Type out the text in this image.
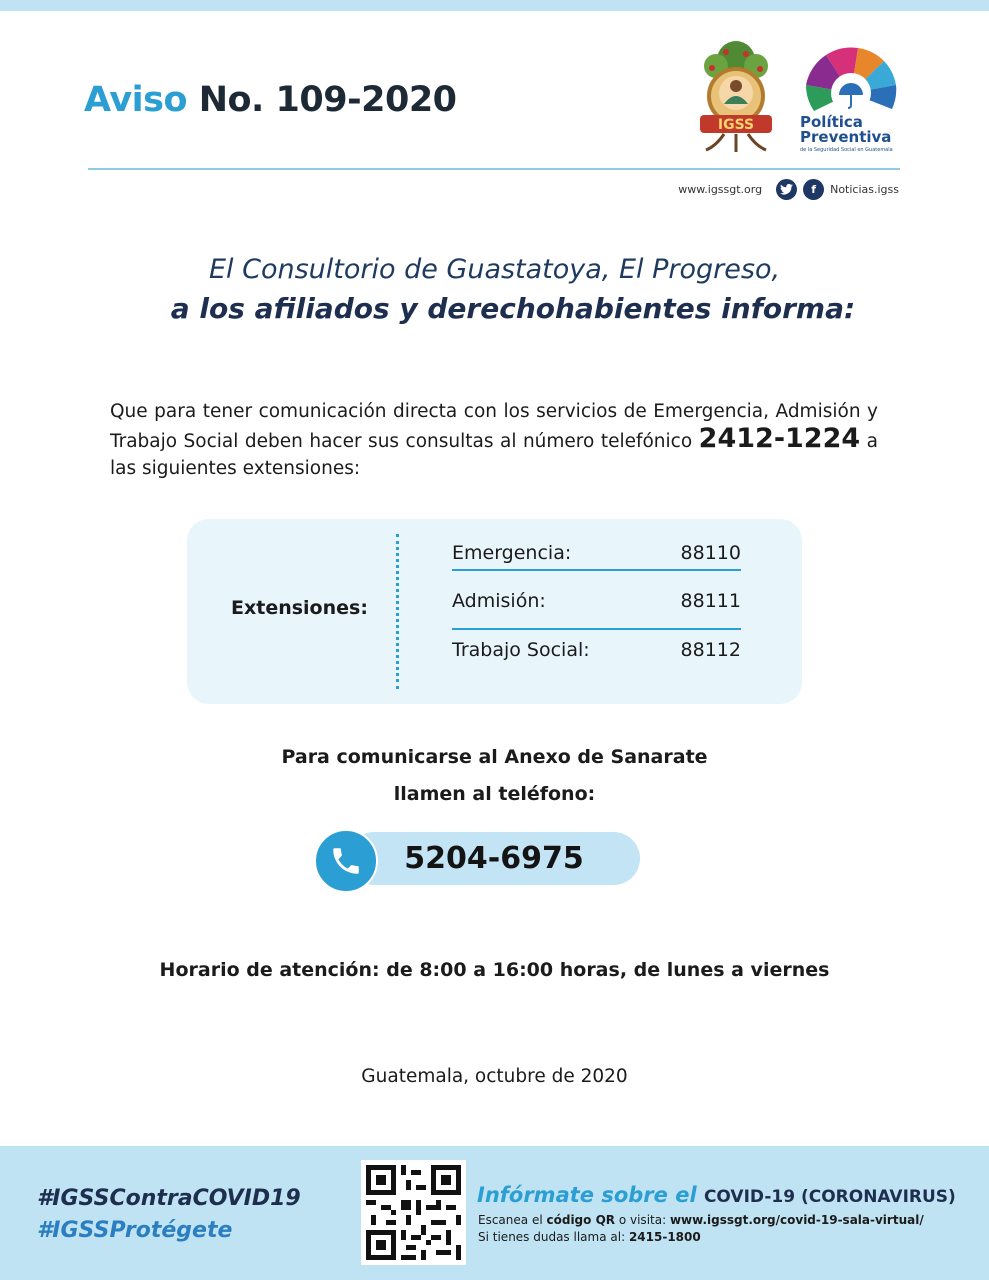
Aviso No. 109-2020
IGSS	Política
Preventiva
de la Seguridad Social en Guatemala
www.igssgt.org	f	Noticias.igss
El Consultorio de Guastatoya, El Progreso,
a los afiliados y derechohabientes informa:
Que para tener comunicación directa con los servicios de Emergencia, Admisión y Trabajo Social deben hacer sus consultas al número telefónico 2412-1224 a las siguientes extensiones:
Extensiones:
Emergencia:	88110
Admisión:	88111
Trabajo Social:	88112
Para comunicarse al Anexo de Sanarate
llamen al teléfono:
5204-6975
Horario de atención: de 8:00 a 16:00 horas, de lunes a viernes
Guatemala, octubre de 2020
#IGSSContraCOVID19
#IGSSProtégete
Infórmate sobre el COVID-19 (CORONAVIRUS)
Escanea el código QR o visita: www.igssgt.org/covid-19-sala-virtual/
Si tienes dudas llama al: 2415-1800
